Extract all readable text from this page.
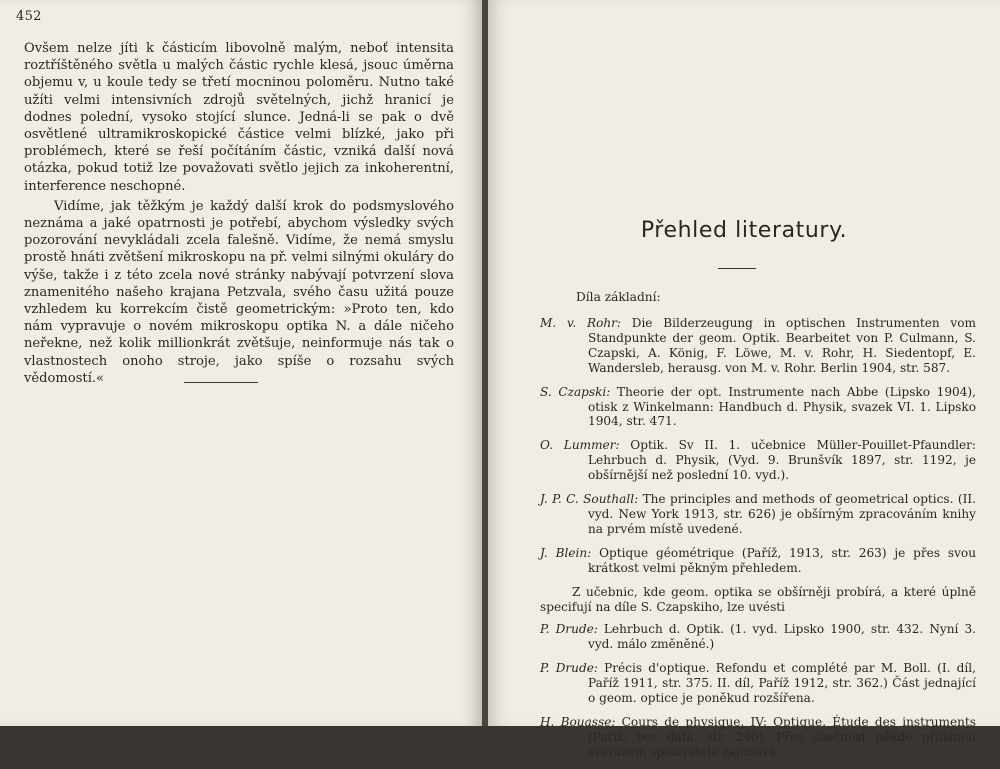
452

Ovšem nelze jíti k částicím libovolně malým, neboť intensita roztříštěného světla u malých částic rychle klesá, jsouc úměrna objemu v, u koule tedy se třetí mocninou poloměru. Nutno také užíti velmi intensivních zdrojů světelných, jichž hranicí je dodnes polední, vysoko stojící slunce. Jedná-li se pak o dvě osvětlené ultramikroskopické částice velmi blízké, jako při problémech, které se řeší počítáním částic, vzniká další nová otázka, pokud totiž lze považovati světlo jejich za inkoherentní, interference neschopné.

Vidíme, jak těžkým je každý další krok do podsmyslového neznáma a jaké opatrnosti je potřebí, abychom výsledky svých pozorování nevykládali zcela falešně. Vidíme, že nemá smyslu prostě hnáti zvětšení mikroskopu na př. velmi silnými okuláry do výše, takže i z této zcela nové stránky nabývají potvrzení slova znamenitého našeho krajana Petzvala, svého času užitá pouze vzhledem ku korrekcím čistě geometrickým: »Proto ten, kdo nám vypravuje o novém mikroskopu optika N. a dále ničeho neřekne, než kolik millionkrát zvětšuje, neinformuje nás tak o vlastnostech onoho stroje, jako spíše o rozsahu svých vědomostí.«

Přehled literatury.
Díla základní:
M. v. Rohr: Die Bilderzeugung in optischen Instrumenten vom Standpunkte der geom. Optik. Bearbeitet von P. Culmann, S. Czapski, A. König, F. Löwe, M. v. Rohr, H. Siedentopf, E. Wandersleb, herausg. von M. v. Rohr. Berlin 1904, str. 587.
S. Czapski: Theorie der opt. Instrumente nach Abbe (Lipsko 1904), otisk z Winkelmann: Handbuch d. Physik, svazek VI. 1. Lipsko 1904, str. 471.
O. Lummer: Optik. Sv II. 1. učebnice Müller-Pouillet-Pfaundler: Lehrbuch d. Physik, (Vyd. 9. Brunšvík 1897, str. 1192, je obšírnější než poslední 10. vyd.).
J. P. C. Southall: The principles and methods of geometrical optics. (II. vyd. New York 1913, str. 626) je obšírným zpracováním knihy na prvém místě uvedené.
J. Blein: Optique géométrique (Paříž, 1913, str. 263) je přes svou krátkost velmi pěkným přehledem.

Z učebnic, kde geom. optika se obšírněji probírá, a které úplně specifují na díle S. Czapskiho, lze uvésti

P. Drude: Lehrbuch d. Optik. (1. vyd. Lipsko 1900, str. 432. Nyní 3. vyd. málo změněné.)
P. Drude: Précis d'optique. Refondu et complété par M. Boll. (I. díl, Paříž 1911, str. 375. II. díl, Paříž 1912, str. 362.) Část jednající o geom. optice je poněkud rozšířena.
H. Bouasse: Cours de physique. IV: Optique. Étude des instruments (Paříž, bez data, str. 240). Přes úsečnost někde přílišnou svérazem spisovatele zajímavá.
